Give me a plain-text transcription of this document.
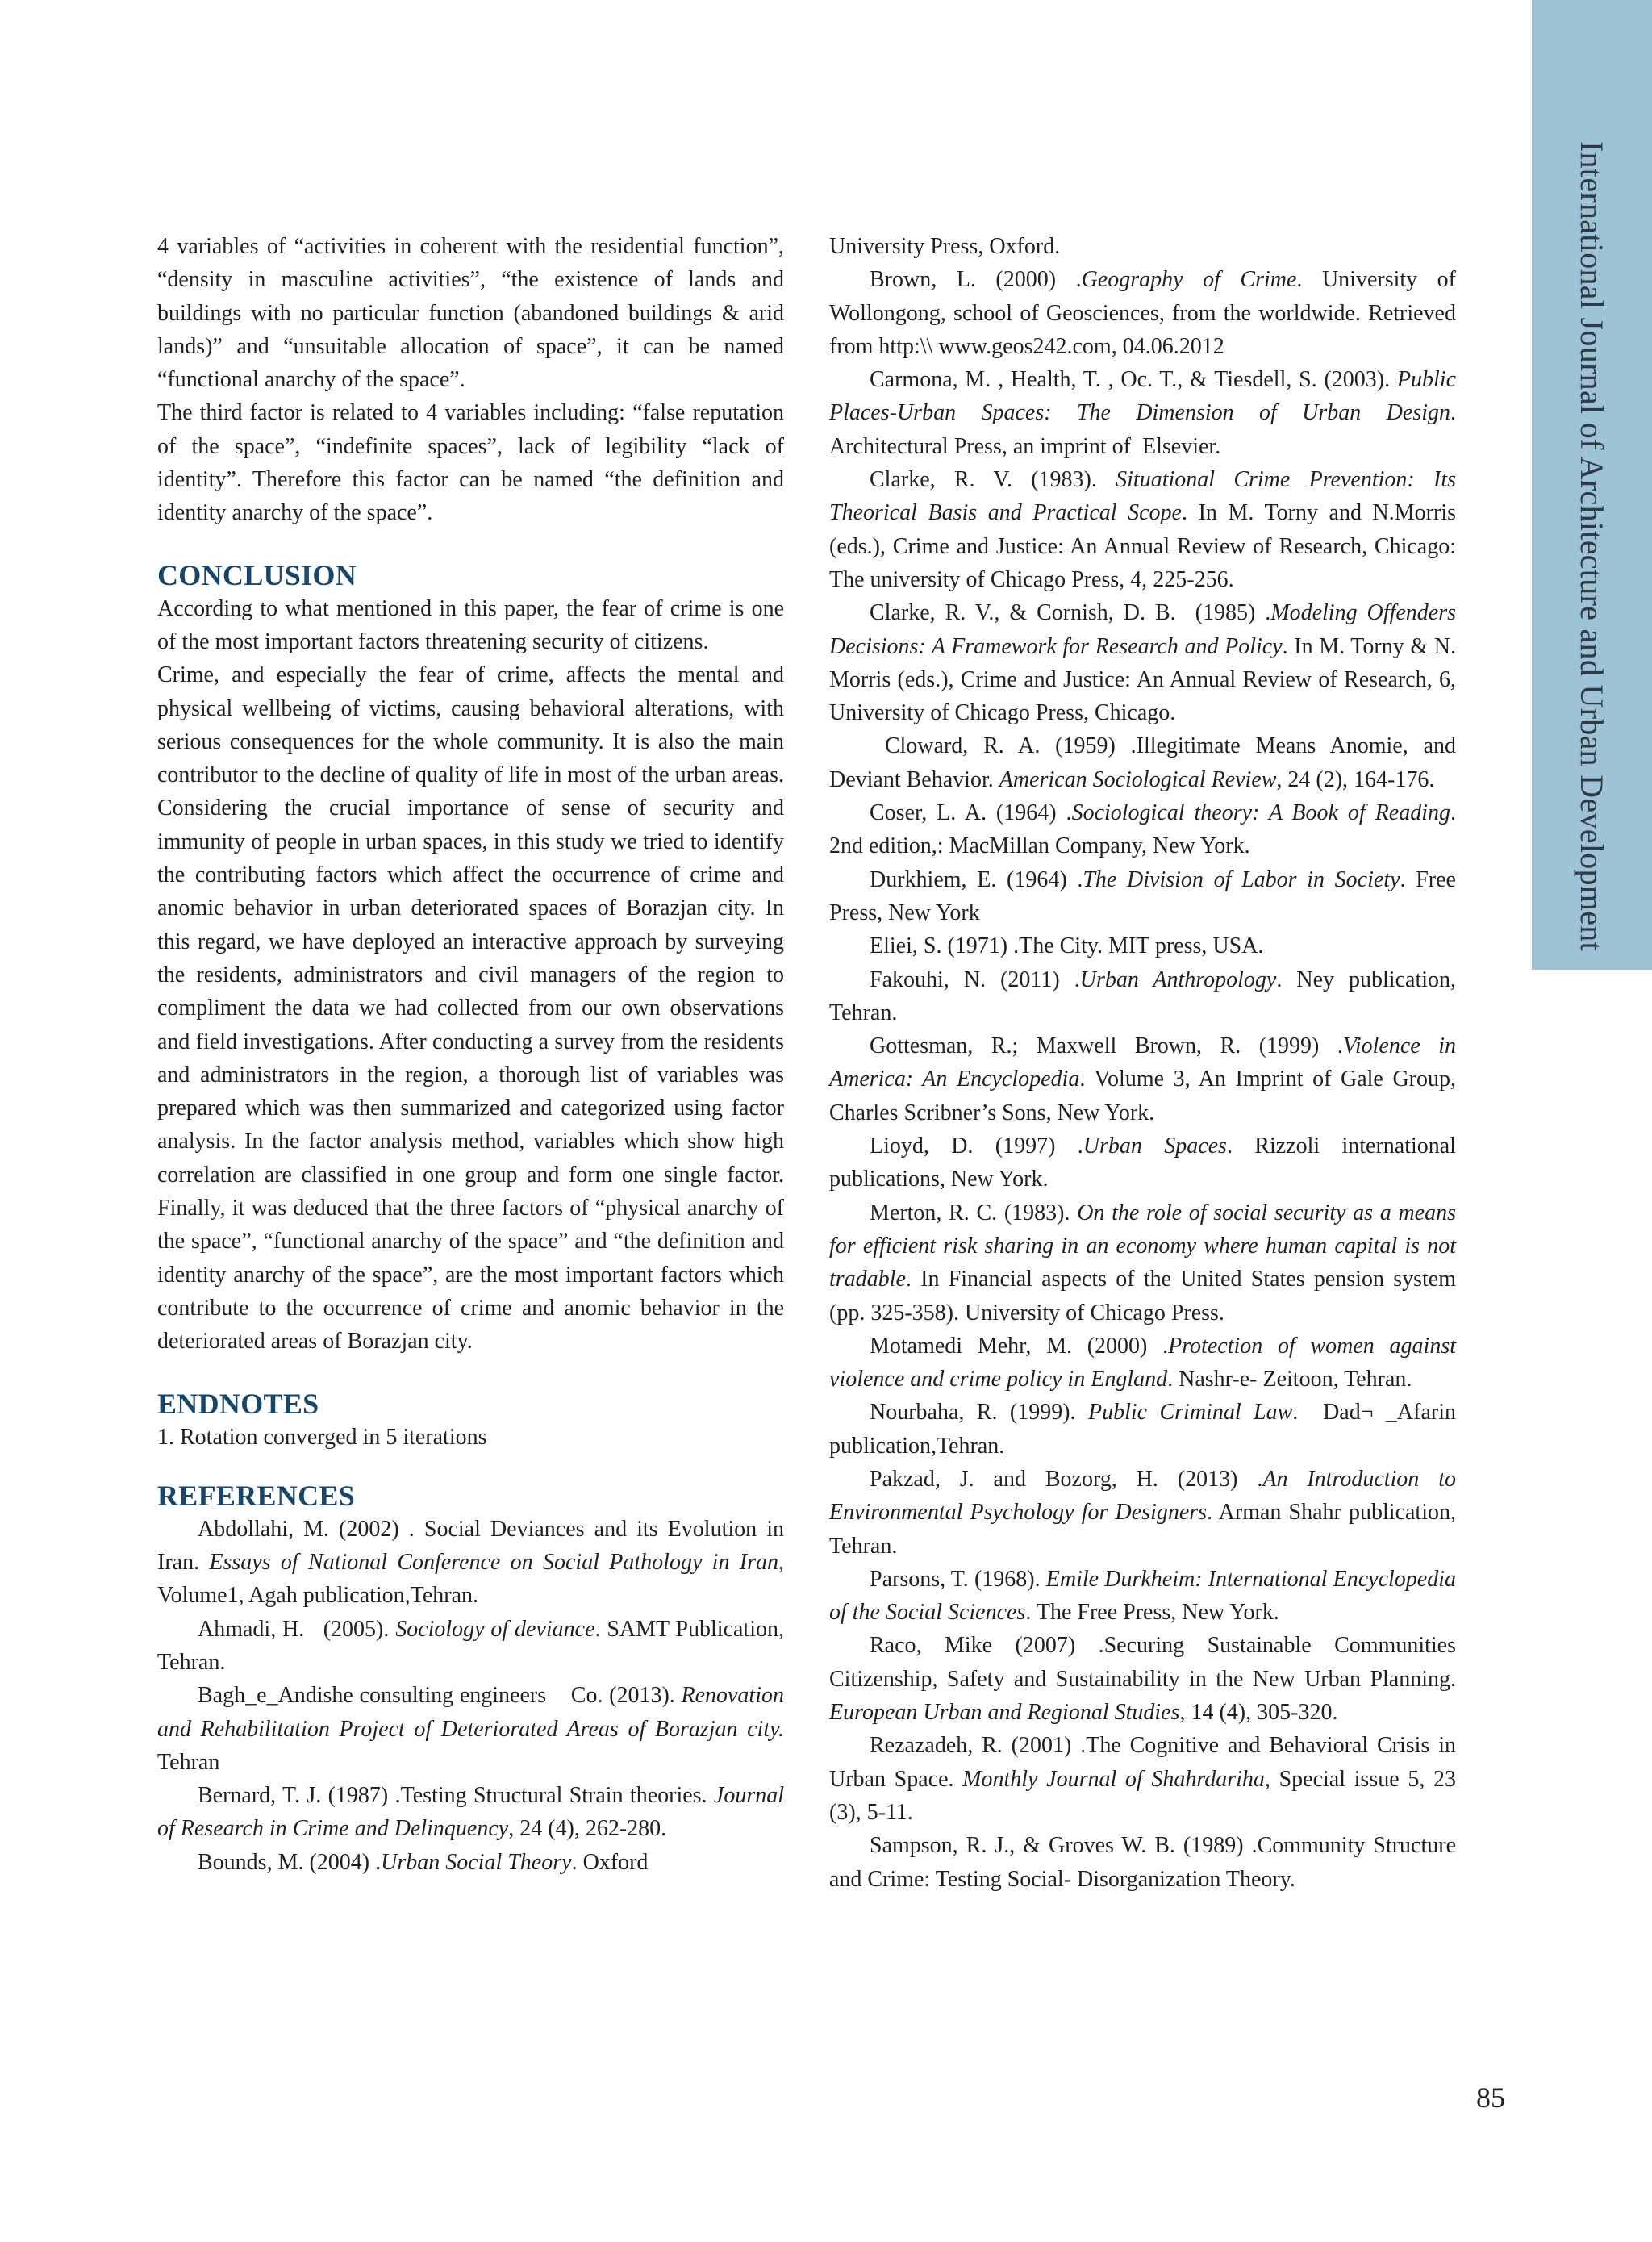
International Journal of Architecture and Urban Development

4 variables of “activities in coherent with the residential function”, “density in masculine activities”, “the existence of lands and buildings with no particular function (abandoned buildings & arid lands)” and “unsuitable allocation of space”, it can be named “functional anarchy of the space”.

The third factor is related to 4 variables including: “false reputation of the space”, “indefinite spaces”, lack of legibility “lack of identity”. Therefore this factor can be named “the definition and identity anarchy of the space”.

CONCLUSION

According to what mentioned in this paper, the fear of crime is one of the most important factors threatening security of citizens.

Crime, and especially the fear of crime, affects the mental and physical wellbeing of victims, causing behavioral alterations, with serious consequences for the whole community. It is also the main contributor to the decline of quality of life in most of the urban areas. Considering the crucial importance of sense of security and immunity of people in urban spaces, in this study we tried to identify the contributing factors which affect the occurrence of crime and anomic behavior in urban deteriorated spaces of Borazjan city. In this regard, we have deployed an interactive approach by surveying the residents, administrators and civil managers of the region to compliment the data we had collected from our own observations and field investigations. After conducting a survey from the residents and administrators in the region, a thorough list of variables was prepared which was then summarized and categorized using factor analysis. In the factor analysis method, variables which show high correlation are classified in one group and form one single factor. Finally, it was deduced that the three factors of “physical anarchy of the space”, “functional anarchy of the space” and “the definition and identity anarchy of the space”, are the most important factors which contribute to the occurrence of crime and anomic behavior in the deteriorated areas of Borazjan city.

ENDNOTES

1. Rotation converged in 5 iterations

REFERENCES

Abdollahi, M. (2002) . Social Deviances and its Evolution in Iran. Essays of National Conference on Social Pathology in Iran, Volume1, Agah publication,Tehran.

Ahmadi, H.   (2005). Sociology of deviance. SAMT Publication, Tehran.

Bagh_e_Andishe consulting engineers    Co. (2013). Renovation and Rehabilitation Project of Deteriorated Areas of Borazjan city. Tehran

Bernard, T. J. (1987) .Testing Structural Strain theories. Journal of Research in Crime and Delinquency, 24 (4), 262-280.

Bounds, M. (2004) .Urban Social Theory. Oxford

University Press, Oxford.

Brown, L. (2000) .Geography of Crime. University of Wollongong, school of Geosciences, from the worldwide. Retrieved from http:\\ www.geos242.com, 04.06.2012

Carmona, M. , Health, T. , Oc. T., & Tiesdell, S. (2003). Public Places-Urban Spaces: The Dimension of Urban Design. Architectural Press, an imprint of  Elsevier.

Clarke, R. V. (1983). Situational Crime Prevention: Its Theorical Basis and Practical Scope. In M. Torny and N.Morris (eds.), Crime and Justice: An Annual Review of Research, Chicago: The university of Chicago Press, 4, 225-256.

Clarke, R. V., & Cornish, D. B.  (1985) .Modeling Offenders Decisions: A Framework for Research and Policy. In M. Torny & N. Morris (eds.), Crime and Justice: An Annual Review of Research, 6, University of Chicago Press, Chicago.

Cloward, R. A. (1959) .Illegitimate Means Anomie, and Deviant Behavior. American Sociological Review, 24 (2), 164-176.

Coser, L. A. (1964) .Sociological theory: A Book of Reading. 2nd edition,: MacMillan Company, New York.

Durkhiem, E. (1964) .The Division of Labor in Society. Free Press, New York

Eliei, S. (1971) .The City. MIT press, USA.

Fakouhi, N. (2011) .Urban Anthropology. Ney publication, Tehran.

Gottesman, R.; Maxwell Brown, R. (1999) .Violence in America: An Encyclopedia. Volume 3, An Imprint of Gale Group, Charles Scribner’s Sons, New York.

Lioyd, D. (1997) .Urban Spaces. Rizzoli international publications, New York.

Merton, R. C. (1983). On the role of social security as a means for efficient risk sharing in an economy where human capital is not tradable. In Financial aspects of the United States pension system (pp. 325-358). University of Chicago Press.

Motamedi Mehr, M. (2000) .Protection of women against violence and crime policy in England. Nashr-e- Zeitoon, Tehran.

Nourbaha, R. (1999). Public Criminal Law.  Dad¬ _Afarin publication,Tehran.

Pakzad, J. and Bozorg, H. (2013) .An Introduction to Environmental Psychology for Designers. Arman Shahr publication, Tehran.

Parsons, T. (1968). Emile Durkheim: International Encyclopedia of the Social Sciences. The Free Press, New York.

Raco, Mike (2007) .Securing Sustainable Communities Citizenship, Safety and Sustainability in the New Urban Planning. European Urban and Regional Studies, 14 (4), 305-320.

Rezazadeh, R. (2001) .The Cognitive and Behavioral Crisis in Urban Space. Monthly Journal of Shahrdariha, Special issue 5, 23 (3), 5-11.

Sampson, R. J., & Groves W. B. (1989) .Community Structure and Crime: Testing Social- Disorganization Theory.

85
